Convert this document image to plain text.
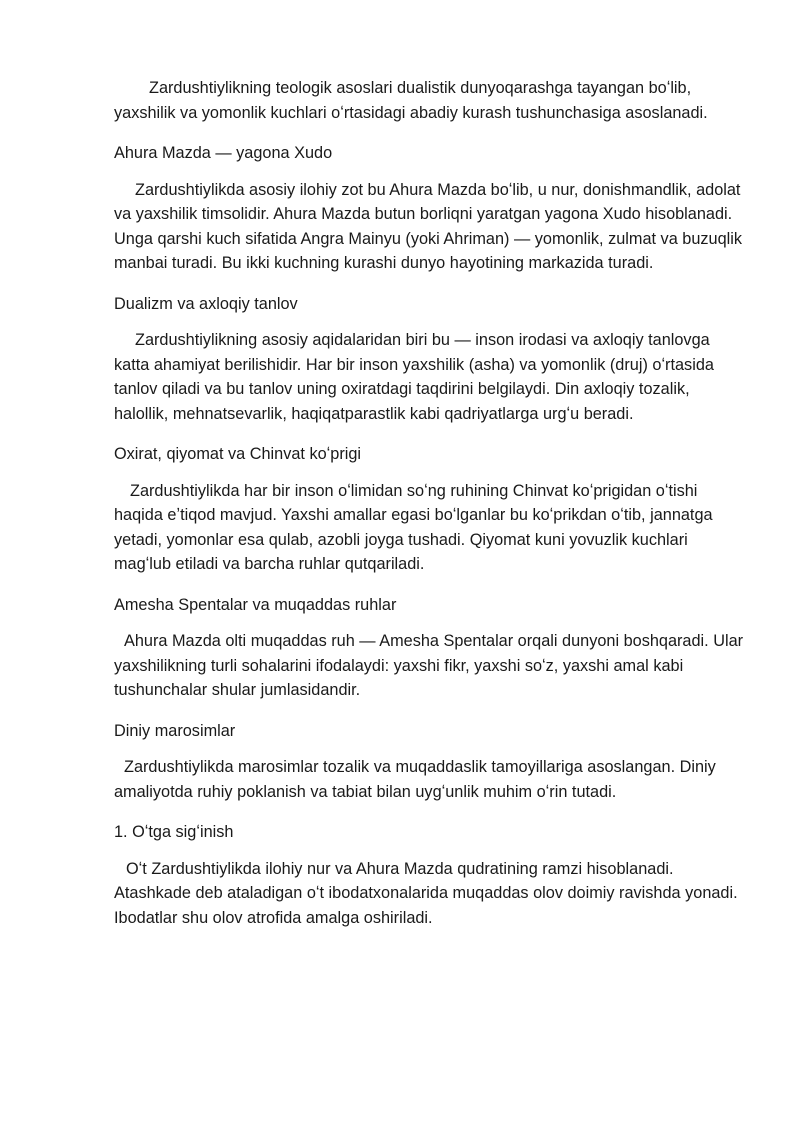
Zardushtiylikning teologik asoslari dualistik dunyoqarashga tayangan boʻlib, yaxshilik va yomonlik kuchlari oʻrtasidagi abadiy kurash tushunchasiga asoslanadi.

Ahura Mazda — yagona Xudo

Zardushtiylikda asosiy ilohiy zot bu Ahura Mazda boʻlib, u nur, donishmandlik, adolat va yaxshilik timsolidir. Ahura Mazda butun borliqni yaratgan yagona Xudo hisoblanadi. Unga qarshi kuch sifatida Angra Mainyu (yoki Ahriman) — yomonlik, zulmat va buzuqlik manbai turadi. Bu ikki kuchning kurashi dunyo hayotining markazida turadi.

Dualizm va axloqiy tanlov

Zardushtiylikning asosiy aqidalaridan biri bu — inson irodasi va axloqiy tanlovga katta ahamiyat berilishidir. Har bir inson yaxshilik (asha) va yomonlik (druj) oʻrtasida tanlov qiladi va bu tanlov uning oxiratdagi taqdirini belgilaydi. Din axloqiy tozalik, halollik, mehnatsevarlik, haqiqatparastlik kabi qadriyatlarga urgʻu beradi.

Oxirat, qiyomat va Chinvat koʻprigi

Zardushtiylikda har bir inson oʻlimidan soʻng ruhining Chinvat koʻprigidan oʻtishi haqida eʼtiqod mavjud. Yaxshi amallar egasi boʻlganlar bu koʻprikdan oʻtib, jannatga yetadi, yomonlar esa qulab, azobli joyga tushadi. Qiyomat kuni yovuzlik kuchlari magʻlub etiladi va barcha ruhlar qutqariladi.

Amesha Spentalar va muqaddas ruhlar

Ahura Mazda olti muqaddas ruh — Amesha Spentalar orqali dunyoni boshqaradi. Ular yaxshilikning turli sohalarini ifodalaydi: yaxshi fikr, yaxshi soʻz, yaxshi amal kabi tushunchalar shular jumlasidandir.

Diniy marosimlar

Zardushtiylikda marosimlar tozalik va muqaddaslik tamoyillariga asoslangan. Diniy amaliyotda ruhiy poklanish va tabiat bilan uygʻunlik muhim oʻrin tutadi.

1. Oʻtga sigʻinish

Oʻt Zardushtiylikda ilohiy nur va Ahura Mazda qudratining ramzi hisoblanadi. Atashkade deb ataladigan oʻt ibodatxonalarida muqaddas olov doimiy ravishda yonadi. Ibodatlar shu olov atrofida amalga oshiriladi.
